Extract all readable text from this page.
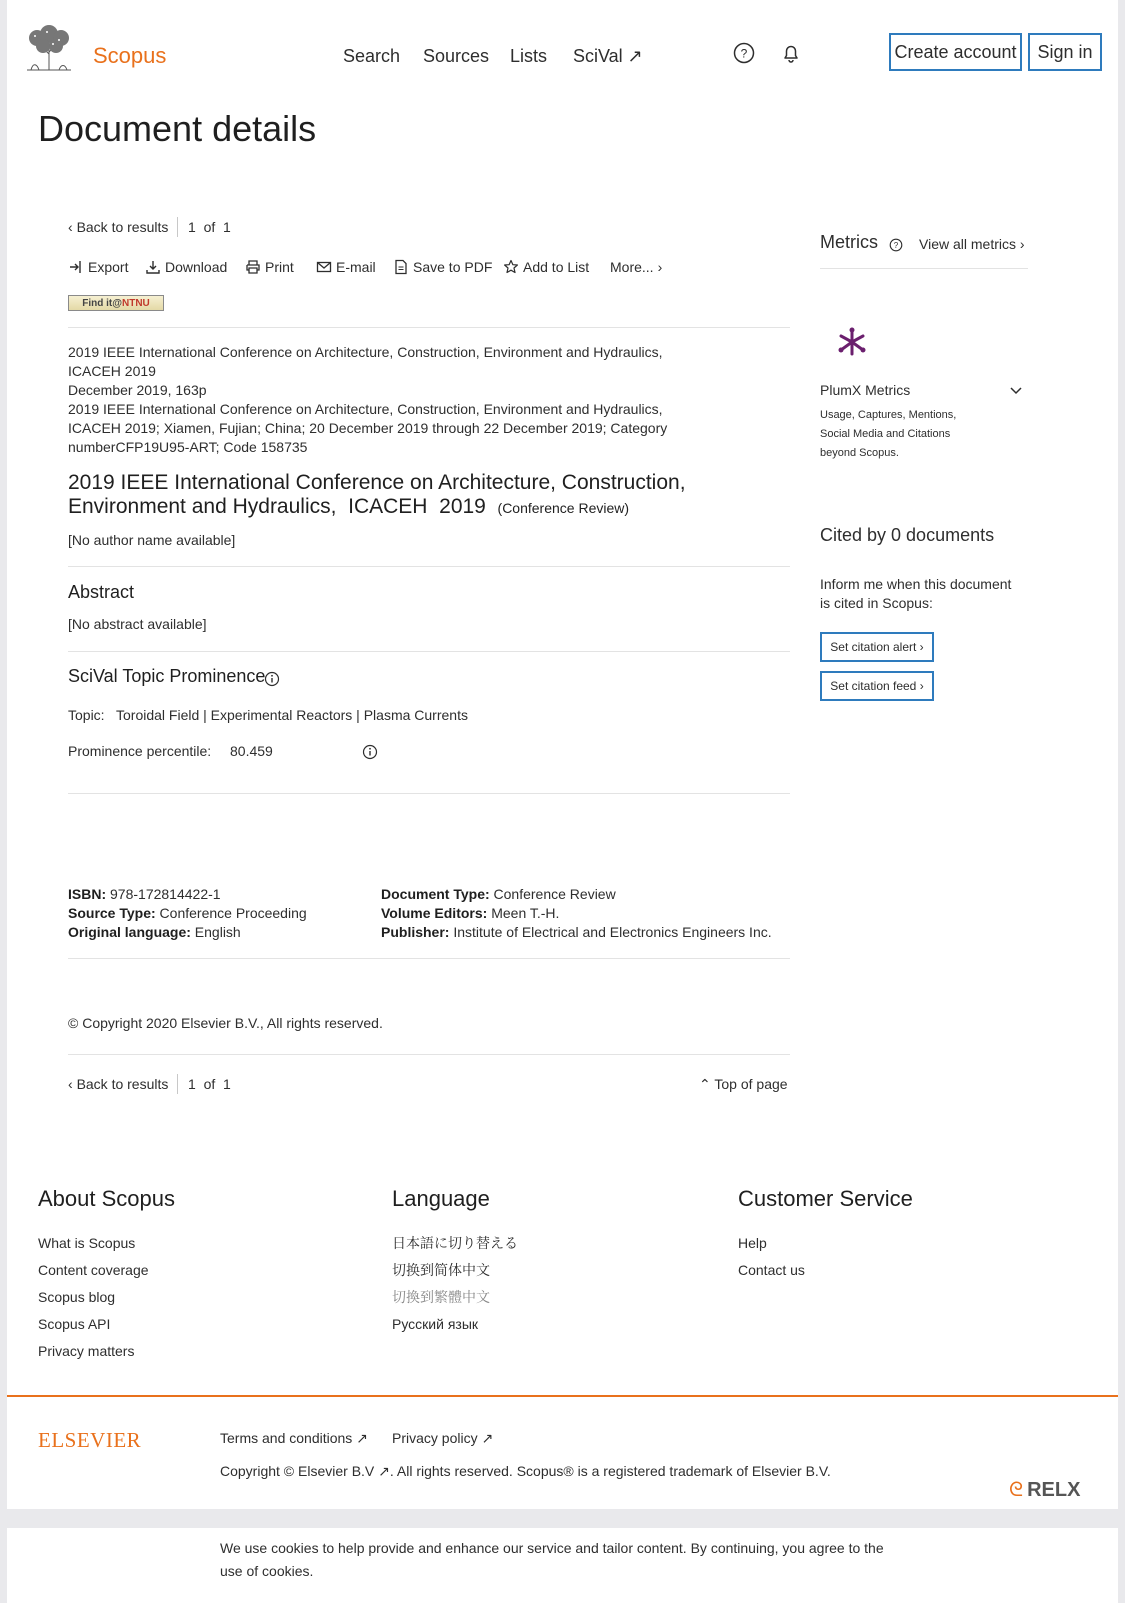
Scopus	Search Sources Lists SciVal ↗	?	Create account	Sign in
Document details
‹ Back to results 1  of  1
Export	Download	Print	E-mail	Save to PDF Add to List More... ›
Find it@ NTNU
2019 IEEE International Conference on Architecture, Construction, Environment and Hydraulics,
ICACEH 2019
December 2019, 163p
2019 IEEE International Conference on Architecture, Construction, Environment and Hydraulics,
ICACEH 2019; Xiamen, Fujian; China; 20 December 2019 through 22 December 2019; Category
numberCFP19U95-ART; Code 158735
2019 IEEE International Conference on Architecture, Construction,
Environment and Hydraulics,  ICACEH  2019 (Conference Review)
[No author name available]
Abstract
[No abstract available]
SciVal Topic Prominence
Topic: Toroidal Field | Experimental Reactors | Plasma Currents
Prominence percentile: 80.459
ISBN: 978-172814422-1
Source Type: Conference Proceeding
Original language: English
Document Type: Conference Review
Volume Editors: Meen T.-H.
Publisher: Institute of Electrical and Electronics Engineers Inc.
© Copyright 2020 Elsevier B.V., All rights reserved.
‹ Back to results 1  of  1	⌃ Top of page
Metrics ? View all metrics ›
PlumX Metrics
Usage, Captures, Mentions,
Social Media and Citations
beyond Scopus.
Cited by 0 documents
Inform me when this document
is cited in Scopus:
Set citation alert ›
Set citation feed ›
About Scopus
What is Scopus
Content coverage
Scopus blog
Scopus API
Privacy matters
Language
日本語に切り替える
切换到简体中文
切換到繁體中文
Русский язык
Customer Service
Help
Contact us
ELSEVIER	Terms and conditions ↗ Privacy policy ↗
Copyright © Elsevier B.V ↗. All rights reserved. Scopus® is a registered trademark of Elsevier B.V.
ᘓ RELX
We use cookies to help provide and enhance our service and tailor content. By continuing, you agree to the
use of cookies.
